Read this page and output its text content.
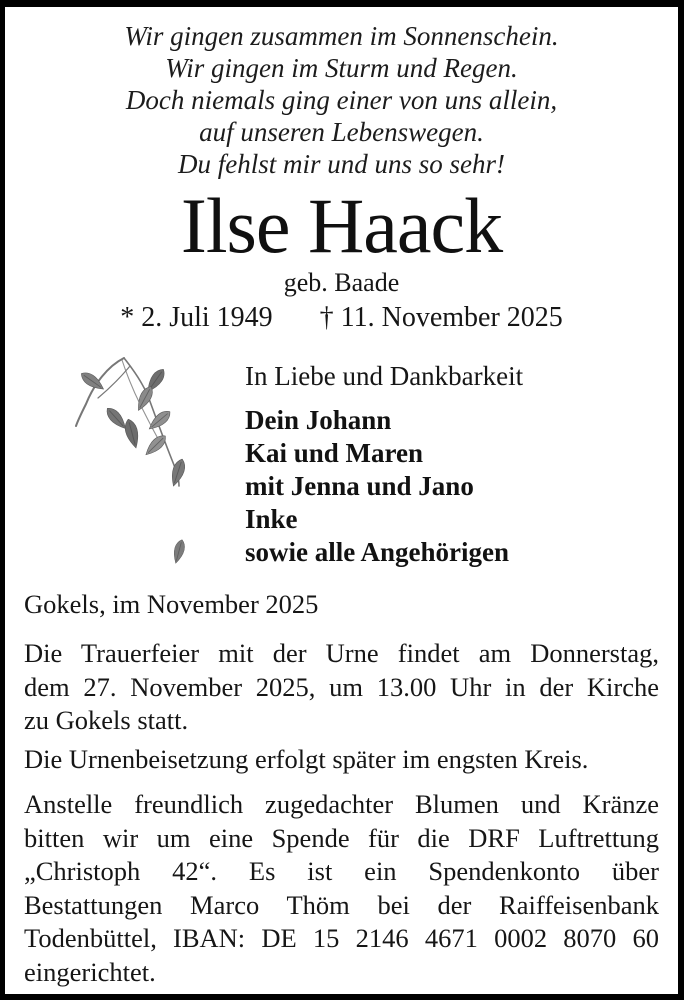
Wir gingen zusammen im Sonnenschein.
Wir gingen im Sturm und Regen.
Doch niemals ging einer von uns allein,
auf unseren Lebenswegen.
Du fehlst mir und uns so sehr!
Ilse Haack
geb. Baade
* 2. Juli 1949 † 11. November 2025
In Liebe und Dankbarkeit
Dein Johann
Kai und Maren
mit Jenna und Jano
Inke
sowie alle Angehörigen
Gokels, im November 2025
Die Trauerfeier mit der Urne findet am Donnerstag,
dem 27. November 2025, um 13.00 Uhr in der Kirche
zu Gokels statt.
Die Urnenbeisetzung erfolgt später im engsten Kreis.
Anstelle freundlich zugedachter Blumen und Kränze
bitten wir um eine Spende für die DRF Luftrettung
„Christoph 42“. Es ist ein Spendenkonto über
Bestattungen Marco Thöm bei der Raiffeisenbank
Todenbüttel, IBAN: DE 15 2146 4671 0002 8070 60
eingerichtet.
